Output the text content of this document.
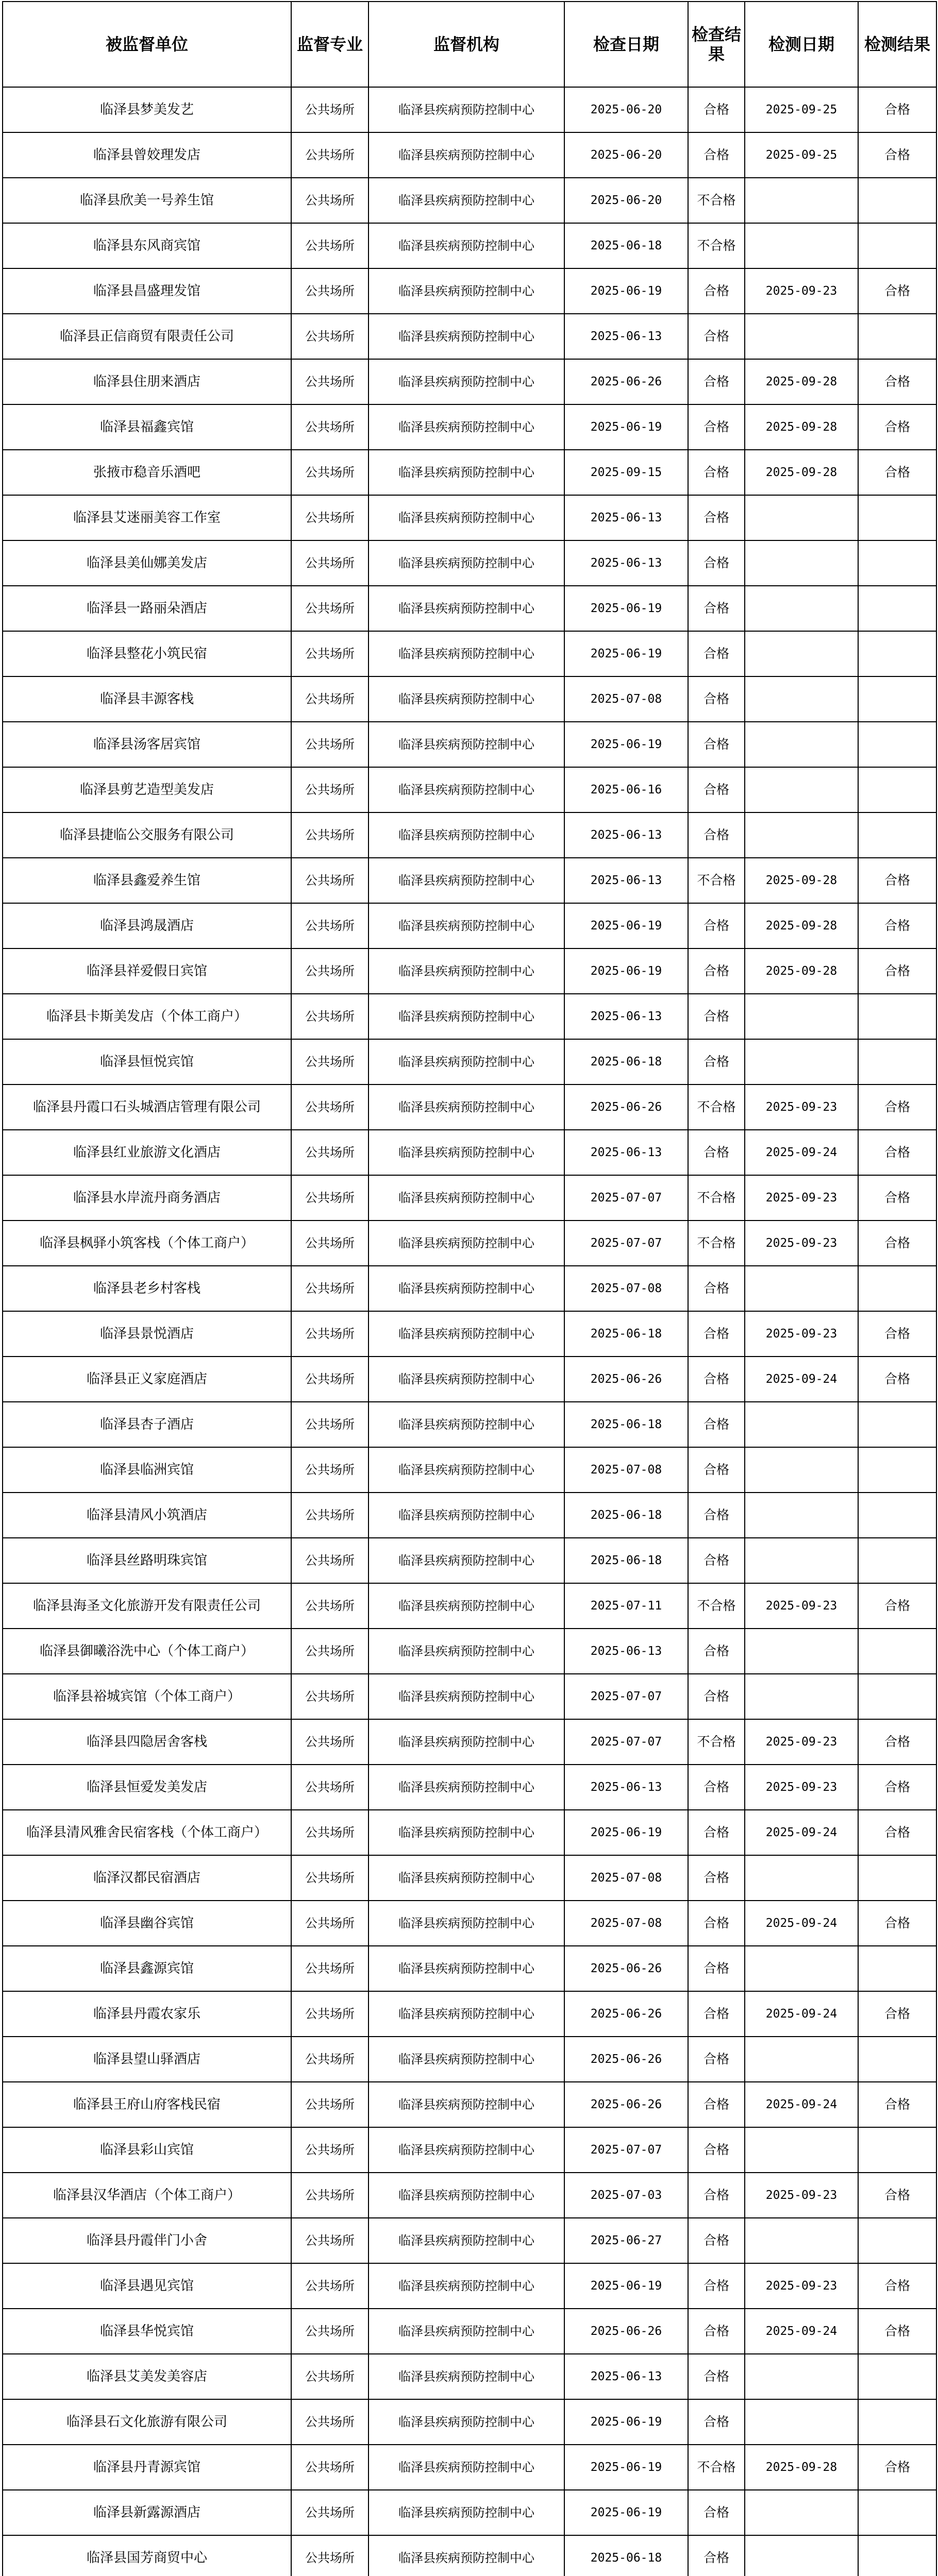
被监督单位	监督专业	监督机构	检查日期	检查结果	检测日期	检测结果
临泽县梦美发艺	公共场所	临泽县疾病预防控制中心	2025-06-20	合格	2025-09-25	合格
临泽县曾姣理发店	公共场所	临泽县疾病预防控制中心	2025-06-20	合格	2025-09-25	合格
临泽县欣美一号养生馆	公共场所	临泽县疾病预防控制中心	2025-06-20	不合格		
临泽县东风商宾馆	公共场所	临泽县疾病预防控制中心	2025-06-18	不合格		
临泽县昌盛理发馆	公共场所	临泽县疾病预防控制中心	2025-06-19	合格	2025-09-23	合格
临泽县正信商贸有限责任公司	公共场所	临泽县疾病预防控制中心	2025-06-13	合格		
临泽县住朋来酒店	公共场所	临泽县疾病预防控制中心	2025-06-26	合格	2025-09-28	合格
临泽县福鑫宾馆	公共场所	临泽县疾病预防控制中心	2025-06-19	合格	2025-09-28	合格
张掖市稳音乐酒吧	公共场所	临泽县疾病预防控制中心	2025-09-15	合格	2025-09-28	合格
临泽县艾迷丽美容工作室	公共场所	临泽县疾病预防控制中心	2025-06-13	合格		
临泽县美仙娜美发店	公共场所	临泽县疾病预防控制中心	2025-06-13	合格		
临泽县一路丽朵酒店	公共场所	临泽县疾病预防控制中心	2025-06-19	合格		
临泽县整花小筑民宿	公共场所	临泽县疾病预防控制中心	2025-06-19	合格		
临泽县丰源客栈	公共场所	临泽县疾病预防控制中心	2025-07-08	合格		
临泽县汤客居宾馆	公共场所	临泽县疾病预防控制中心	2025-06-19	合格		
临泽县剪艺造型美发店	公共场所	临泽县疾病预防控制中心	2025-06-16	合格		
临泽县捷临公交服务有限公司	公共场所	临泽县疾病预防控制中心	2025-06-13	合格		
临泽县鑫爱养生馆	公共场所	临泽县疾病预防控制中心	2025-06-13	不合格	2025-09-28	合格
临泽县鸿晟酒店	公共场所	临泽县疾病预防控制中心	2025-06-19	合格	2025-09-28	合格
临泽县祥爱假日宾馆	公共场所	临泽县疾病预防控制中心	2025-06-19	合格	2025-09-28	合格
临泽县卡斯美发店（个体工商户）	公共场所	临泽县疾病预防控制中心	2025-06-13	合格		
临泽县恒悦宾馆	公共场所	临泽县疾病预防控制中心	2025-06-18	合格		
临泽县丹霞口石头城酒店管理有限公司	公共场所	临泽县疾病预防控制中心	2025-06-26	不合格	2025-09-23	合格
临泽县红业旅游文化酒店	公共场所	临泽县疾病预防控制中心	2025-06-13	合格	2025-09-24	合格
临泽县水岸流丹商务酒店	公共场所	临泽县疾病预防控制中心	2025-07-07	不合格	2025-09-23	合格
临泽县枫驿小筑客栈（个体工商户）	公共场所	临泽县疾病预防控制中心	2025-07-07	不合格	2025-09-23	合格
临泽县老乡村客栈	公共场所	临泽县疾病预防控制中心	2025-07-08	合格		
临泽县景悦酒店	公共场所	临泽县疾病预防控制中心	2025-06-18	合格	2025-09-23	合格
临泽县正义家庭酒店	公共场所	临泽县疾病预防控制中心	2025-06-26	合格	2025-09-24	合格
临泽县杏子酒店	公共场所	临泽县疾病预防控制中心	2025-06-18	合格		
临泽县临洲宾馆	公共场所	临泽县疾病预防控制中心	2025-07-08	合格		
临泽县清风小筑酒店	公共场所	临泽县疾病预防控制中心	2025-06-18	合格		
临泽县丝路明珠宾馆	公共场所	临泽县疾病预防控制中心	2025-06-18	合格		
临泽县海圣文化旅游开发有限责任公司	公共场所	临泽县疾病预防控制中心	2025-07-11	不合格	2025-09-23	合格
临泽县御曦浴洗中心（个体工商户）	公共场所	临泽县疾病预防控制中心	2025-06-13	合格		
临泽县裕城宾馆（个体工商户）	公共场所	临泽县疾病预防控制中心	2025-07-07	合格		
临泽县四隐居舍客栈	公共场所	临泽县疾病预防控制中心	2025-07-07	不合格	2025-09-23	合格
临泽县恒爱发美发店	公共场所	临泽县疾病预防控制中心	2025-06-13	合格	2025-09-23	合格
临泽县清风雅舍民宿客栈（个体工商户）	公共场所	临泽县疾病预防控制中心	2025-06-19	合格	2025-09-24	合格
临泽汉都民宿酒店	公共场所	临泽县疾病预防控制中心	2025-07-08	合格		
临泽县幽谷宾馆	公共场所	临泽县疾病预防控制中心	2025-07-08	合格	2025-09-24	合格
临泽县鑫源宾馆	公共场所	临泽县疾病预防控制中心	2025-06-26	合格		
临泽县丹霞农家乐	公共场所	临泽县疾病预防控制中心	2025-06-26	合格	2025-09-24	合格
临泽县望山驿酒店	公共场所	临泽县疾病预防控制中心	2025-06-26	合格		
临泽县王府山府客栈民宿	公共场所	临泽县疾病预防控制中心	2025-06-26	合格	2025-09-24	合格
临泽县彩山宾馆	公共场所	临泽县疾病预防控制中心	2025-07-07	合格		
临泽县汉华酒店（个体工商户）	公共场所	临泽县疾病预防控制中心	2025-07-03	合格	2025-09-23	合格
临泽县丹霞伴门小舍	公共场所	临泽县疾病预防控制中心	2025-06-27	合格		
临泽县遇见宾馆	公共场所	临泽县疾病预防控制中心	2025-06-19	合格	2025-09-23	合格
临泽县华悦宾馆	公共场所	临泽县疾病预防控制中心	2025-06-26	合格	2025-09-24	合格
临泽县艾美发美容店	公共场所	临泽县疾病预防控制中心	2025-06-13	合格		
临泽县石文化旅游有限公司	公共场所	临泽县疾病预防控制中心	2025-06-19	合格		
临泽县丹青源宾馆	公共场所	临泽县疾病预防控制中心	2025-06-19	不合格	2025-09-28	合格
临泽县新露源酒店	公共场所	临泽县疾病预防控制中心	2025-06-19	合格		
临泽县国芳商贸中心	公共场所	临泽县疾病预防控制中心	2025-06-18	合格		
